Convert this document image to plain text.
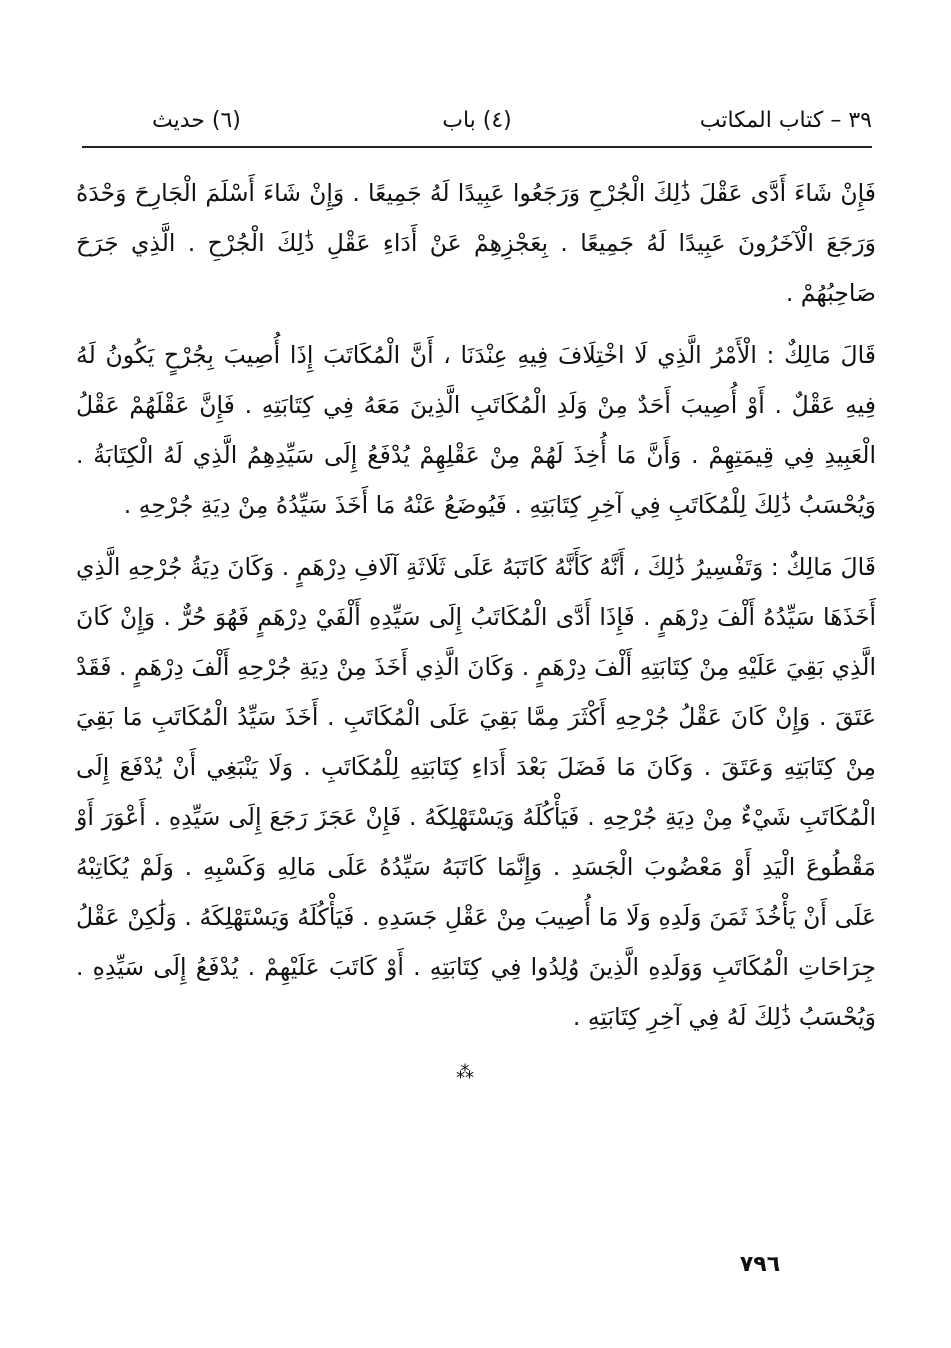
٣٩ – كتاب المكاتب
(٤) باب
(٦) حديث

فَإِنْ شَاءَ أَدَّى عَقْلَ ذَٰلِكَ الْجُرْحِ وَرَجَعُوا عَبِيدًا لَهُ جَمِيعًا . وَإِنْ شَاءَ أَسْلَمَ الْجَارِحَ وَحْدَهُ وَرَجَعَ الْآخَرُونَ عَبِيدًا لَهُ جَمِيعًا . بِعَجْزِهِمْ عَنْ أَدَاءِ عَقْلِ ذَٰلِكَ الْجُرْحِ . الَّذِي جَرَحَ صَاحِبُهُمْ .

قَالَ مَالِكٌ : الْأَمْرُ الَّذِي لَا اخْتِلَافَ فِيهِ عِنْدَنَا ، أَنَّ الْمُكَاتَبَ إِذَا أُصِيبَ بِجُرْحٍ يَكُونُ لَهُ فِيهِ عَقْلٌ . أَوْ أُصِيبَ أَحَدٌ مِنْ وَلَدِ الْمُكَاتَبِ الَّذِينَ مَعَهُ فِي كِتَابَتِهِ . فَإِنَّ عَقْلَهُمْ عَقْلُ الْعَبِيدِ فِي قِيمَتِهِمْ . وَأَنَّ مَا أُخِذَ لَهُمْ مِنْ عَقْلِهِمْ يُدْفَعُ إِلَى سَيِّدِهِمُ الَّذِي لَهُ الْكِتَابَةُ . وَيُحْسَبُ ذَٰلِكَ لِلْمُكَاتَبِ فِي آخِرِ كِتَابَتِهِ . فَيُوضَعُ عَنْهُ مَا أَخَذَ سَيِّدُهُ مِنْ دِيَةِ جُرْحِهِ .

قَالَ مَالِكٌ : وَتَفْسِيرُ ذَٰلِكَ ، أَنَّهُ كَأَنَّهُ كَاتَبَهُ عَلَى ثَلَاثَةِ آلَافِ دِرْهَمٍ . وَكَانَ دِيَةُ جُرْحِهِ الَّذِي أَخَذَهَا سَيِّدُهُ أَلْفَ دِرْهَمٍ . فَإِذَا أَدَّى الْمُكَاتَبُ إِلَى سَيِّدِهِ أَلْفَيْ دِرْهَمٍ فَهُوَ حُرٌّ . وَإِنْ كَانَ الَّذِي بَقِيَ عَلَيْهِ مِنْ كِتَابَتِهِ أَلْفَ دِرْهَمٍ . وَكَانَ الَّذِي أَخَذَ مِنْ دِيَةِ جُرْحِهِ أَلْفَ دِرْهَمٍ . فَقَدْ عَتَقَ . وَإِنْ كَانَ عَقْلُ جُرْحِهِ أَكْثَرَ مِمَّا بَقِيَ عَلَى الْمُكَاتَبِ . أَخَذَ سَيِّدُ الْمُكَاتَبِ مَا بَقِيَ مِنْ كِتَابَتِهِ وَعَتَقَ . وَكَانَ مَا فَضَلَ بَعْدَ أَدَاءِ كِتَابَتِهِ لِلْمُكَاتَبِ . وَلَا يَنْبَغِي أَنْ يُدْفَعَ إِلَى الْمُكَاتَبِ شَيْءٌ مِنْ دِيَةِ جُرْحِهِ . فَيَأْكُلَهُ وَيَسْتَهْلِكَهُ . فَإِنْ عَجَزَ رَجَعَ إِلَى سَيِّدِهِ . أَعْوَرَ أَوْ مَقْطُوعَ الْيَدِ أَوْ مَعْضُوبَ الْجَسَدِ . وَإِنَّمَا كَاتَبَهُ سَيِّدُهُ عَلَى مَالِهِ وَكَسْبِهِ . وَلَمْ يُكَاتِبْهُ عَلَى أَنْ يَأْخُذَ ثَمَنَ وَلَدِهِ وَلَا مَا أُصِيبَ مِنْ عَقْلِ جَسَدِهِ . فَيَأْكُلَهُ وَيَسْتَهْلِكَهُ . وَلَٰكِنْ عَقْلُ جِرَاحَاتِ الْمُكَاتَبِ وَوَلَدِهِ الَّذِينَ وُلِدُوا فِي كِتَابَتِهِ . أَوْ كَاتَبَ عَلَيْهِمْ . يُدْفَعُ إِلَى سَيِّدِهِ . وَيُحْسَبُ ذَٰلِكَ لَهُ فِي آخِرِ كِتَابَتِهِ .

⁂
٧٩٦
